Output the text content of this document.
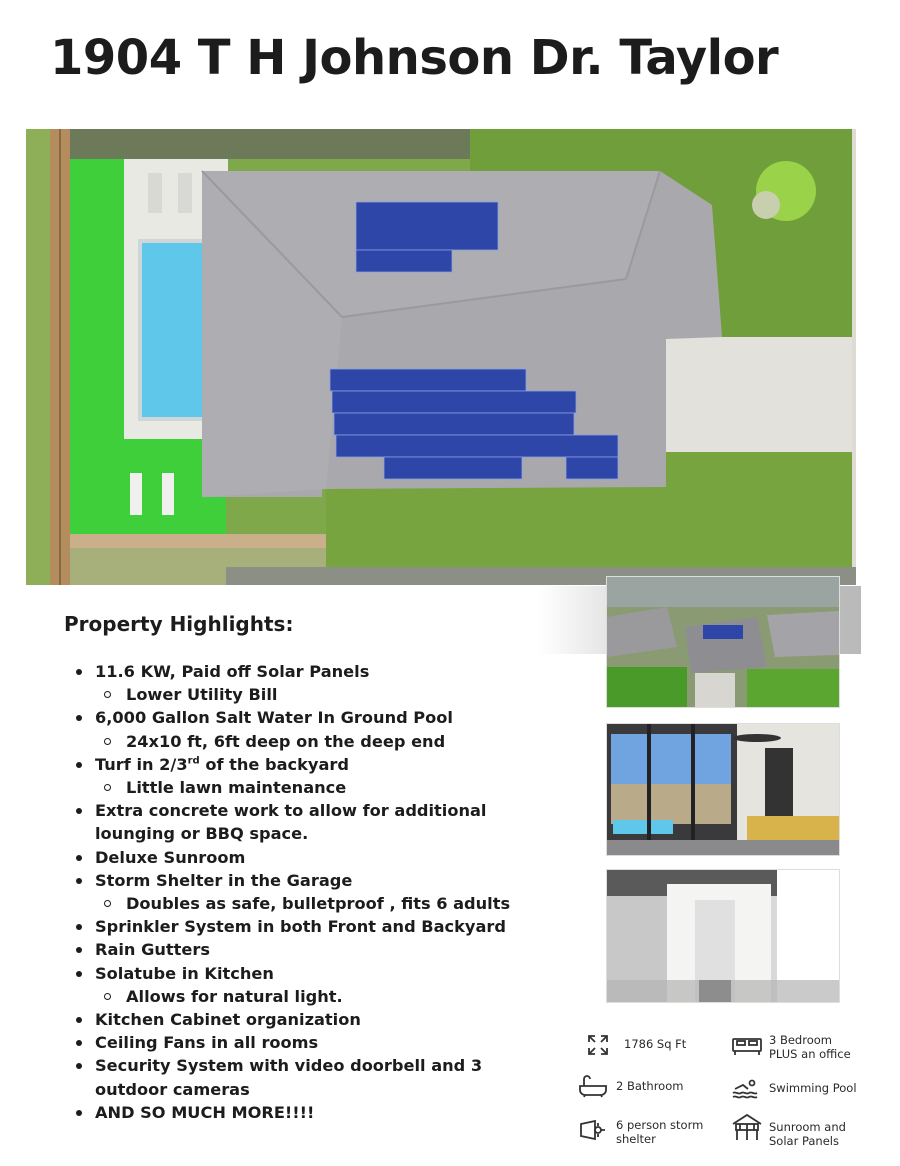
1904 T H Johnson Dr. Taylor
Property Highlights:
11.6 KW, Paid off Solar Panels
Lower Utility Bill
6,000 Gallon Salt Water In Ground Pool
24x10 ft, 6ft deep on the deep end
Turf in 2/3rd of the backyard
Little lawn maintenance
Extra concrete work to allow for additional lounging or BBQ space.
Deluxe Sunroom
Storm Shelter in the Garage
Doubles as safe, bulletproof , fits 6 adults
Sprinkler System in both Front and Backyard
Rain Gutters
Solatube in Kitchen
Allows for natural light.
Kitchen Cabinet organization
Ceiling Fans in all rooms
Security System with video doorbell and 3 outdoor cameras
AND SO MUCH MORE!!!!
1786 Sq Ft	3 Bedroom
PLUS an office
2 Bathroom	Swimming Pool
6 person storm
shelter
Sunroom and
Solar Panels
